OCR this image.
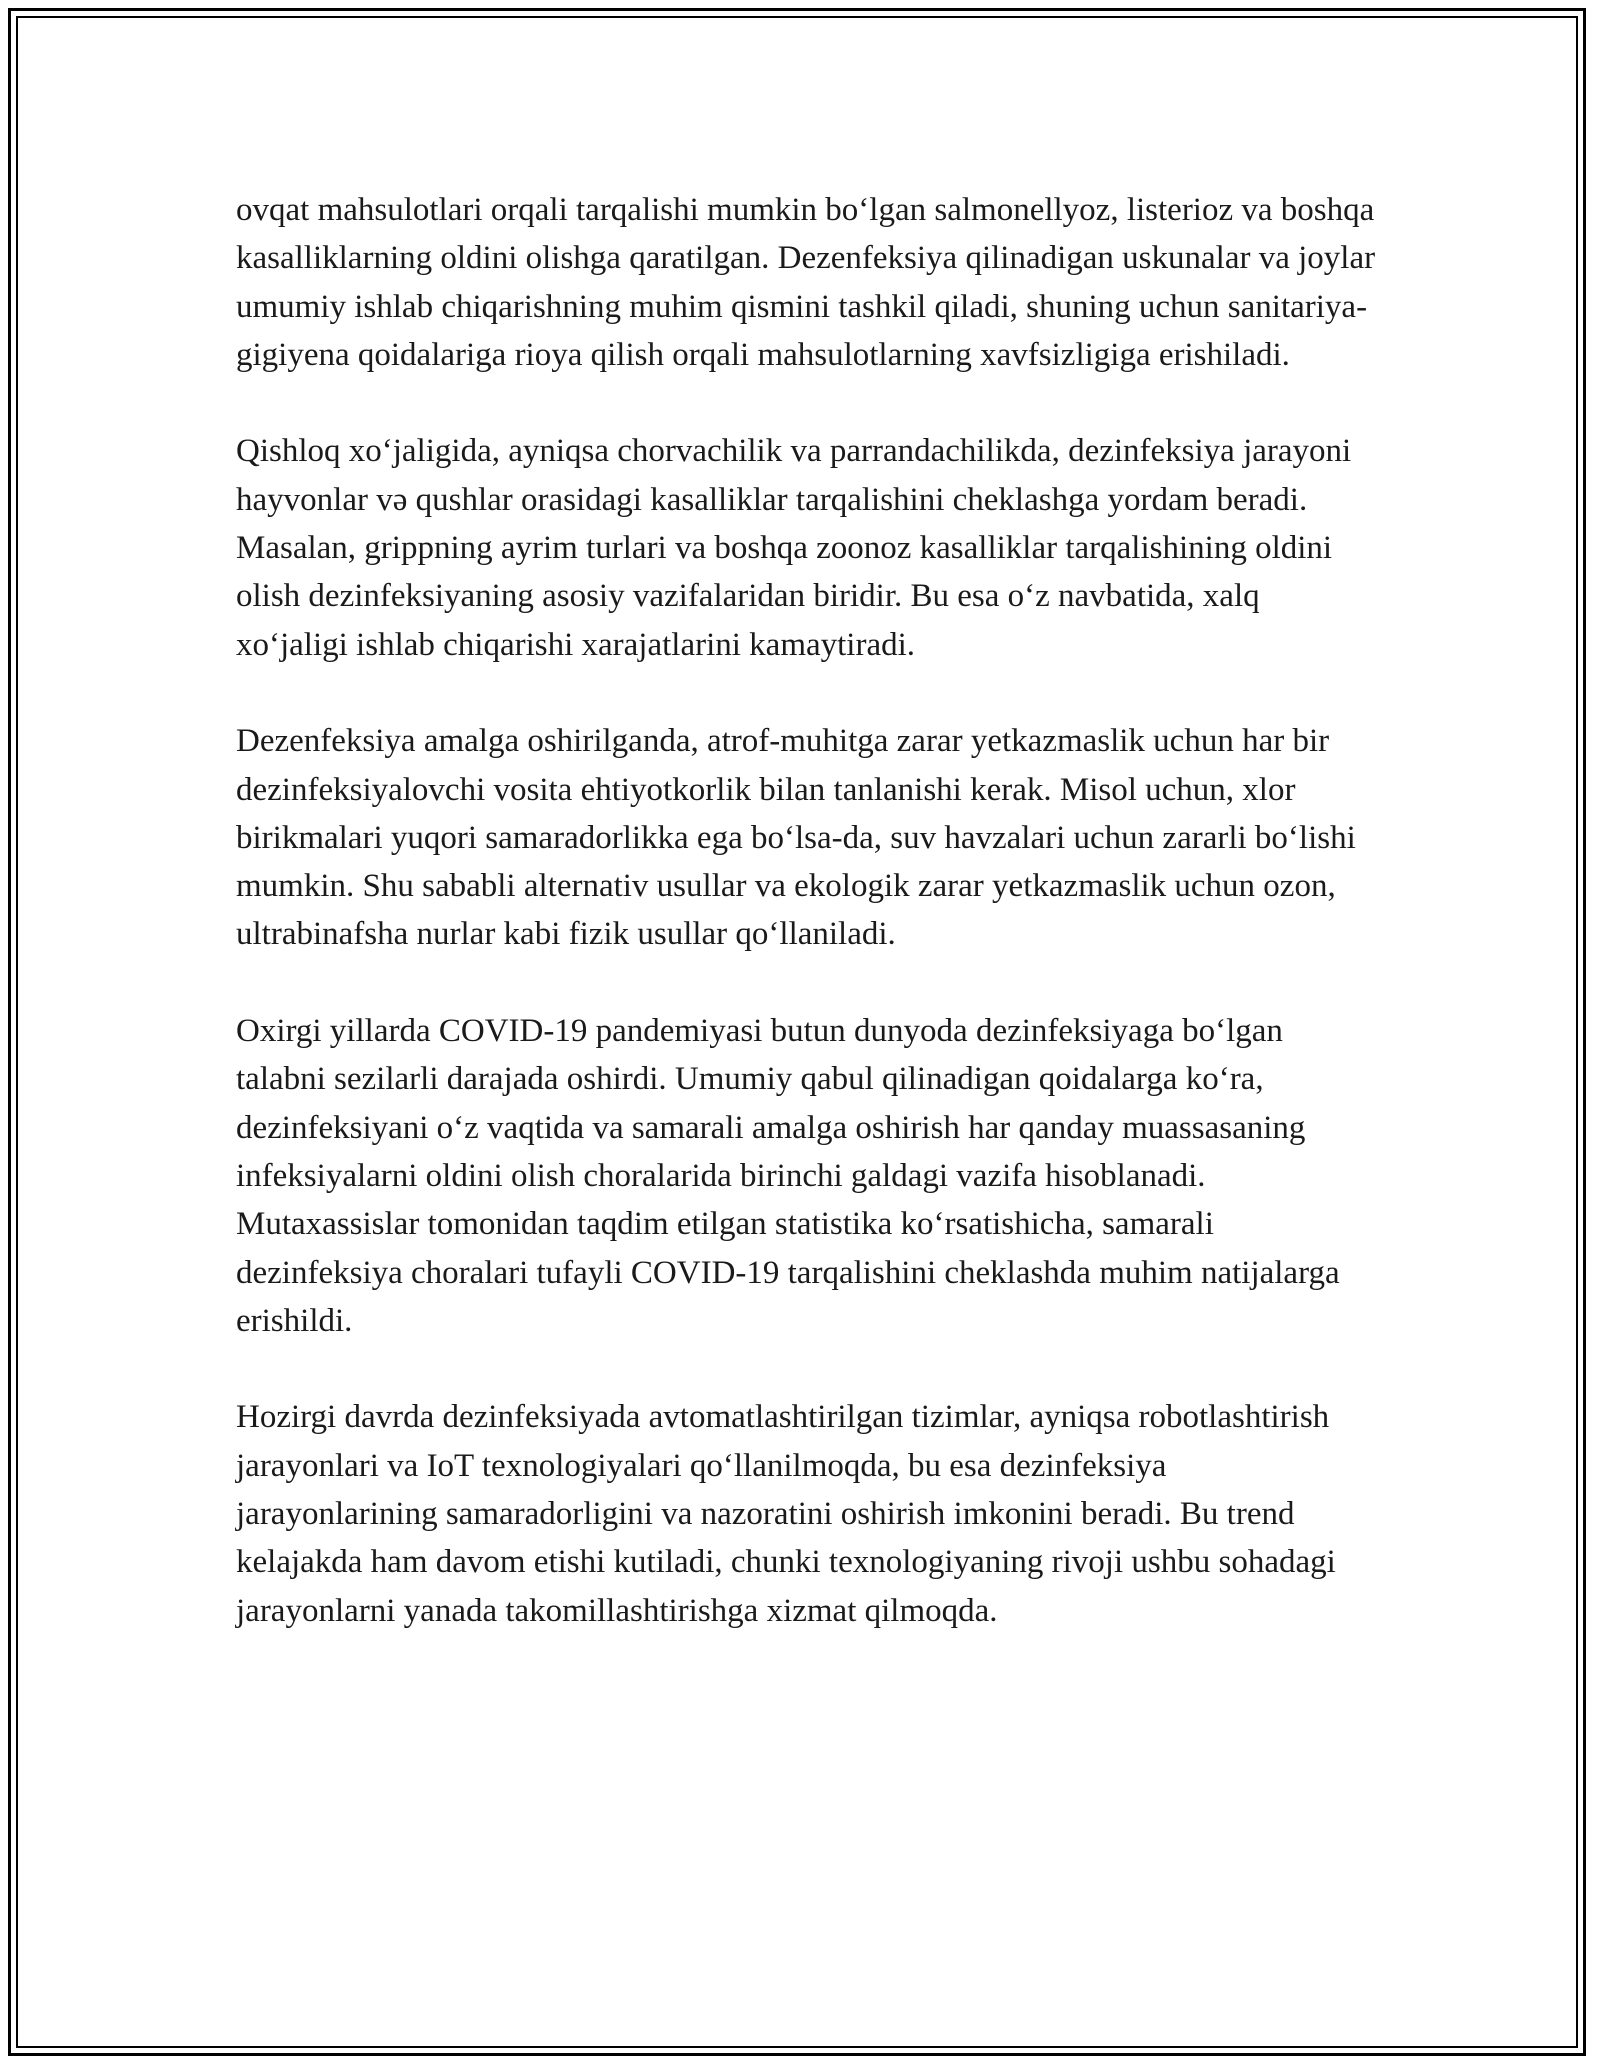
ovqat mahsulotlari orqali tarqalishi mumkin boʻlgan salmonellyoz, listerioz va boshqa kasalliklarning oldini olishga qaratilgan. Dezenfeksiya qilinadigan uskunalar va joylar umumiy ishlab chiqarishning muhim qismini tashkil qiladi, shuning uchun sanitariya-gigiyena qoidalariga rioya qilish orqali mahsulotlarning xavfsizligiga erishiladi.

Qishloq xoʻjaligida, ayniqsa chorvachilik va parrandachilikda, dezinfeksiya jarayoni hayvonlar və qushlar orasidagi kasalliklar tarqalishini cheklashga yordam beradi. Masalan, grippning ayrim turlari va boshqa zoonoz kasalliklar tarqalishining oldini olish dezinfeksiyaning asosiy vazifalaridan biridir. Bu esa oʻz navbatida, xalq xoʻjaligi ishlab chiqarishi xarajatlarini kamaytiradi.

Dezenfeksiya amalga oshirilganda, atrof-muhitga zarar yetkazmaslik uchun har bir dezinfeksiyalovchi vosita ehtiyotkorlik bilan tanlanishi kerak. Misol uchun, xlor birikmalari yuqori samaradorlikka ega boʻlsa-da, suv havzalari uchun zararli boʻlishi mumkin. Shu sababli alternativ usullar va ekologik zarar yetkazmaslik uchun ozon, ultrabinafsha nurlar kabi fizik usullar qoʻllaniladi.

Oxirgi yillarda COVID-19 pandemiyasi butun dunyoda dezinfeksiyaga boʻlgan talabni sezilarli darajada oshirdi. Umumiy qabul qilinadigan qoidalarga koʻra, dezinfeksiyani oʻz vaqtida va samarali amalga oshirish har qanday muassasaning infeksiyalarni oldini olish choralarida birinchi galdagi vazifa hisoblanadi. Mutaxassislar tomonidan taqdim etilgan statistika koʻrsatishicha, samarali dezinfeksiya choralari tufayli COVID-19 tarqalishini cheklashda muhim natijalarga erishildi.

Hozirgi davrda dezinfeksiyada avtomatlashtirilgan tizimlar, ayniqsa robotlashtirish jarayonlari va IoT texnologiyalari qoʻllanilmoqda, bu esa dezinfeksiya jarayonlarining samaradorligini va nazoratini oshirish imkonini beradi. Bu trend kelajakda ham davom etishi kutiladi, chunki texnologiyaning rivoji ushbu sohadagi jarayonlarni yanada takomillashtirishga xizmat qilmoqda.
